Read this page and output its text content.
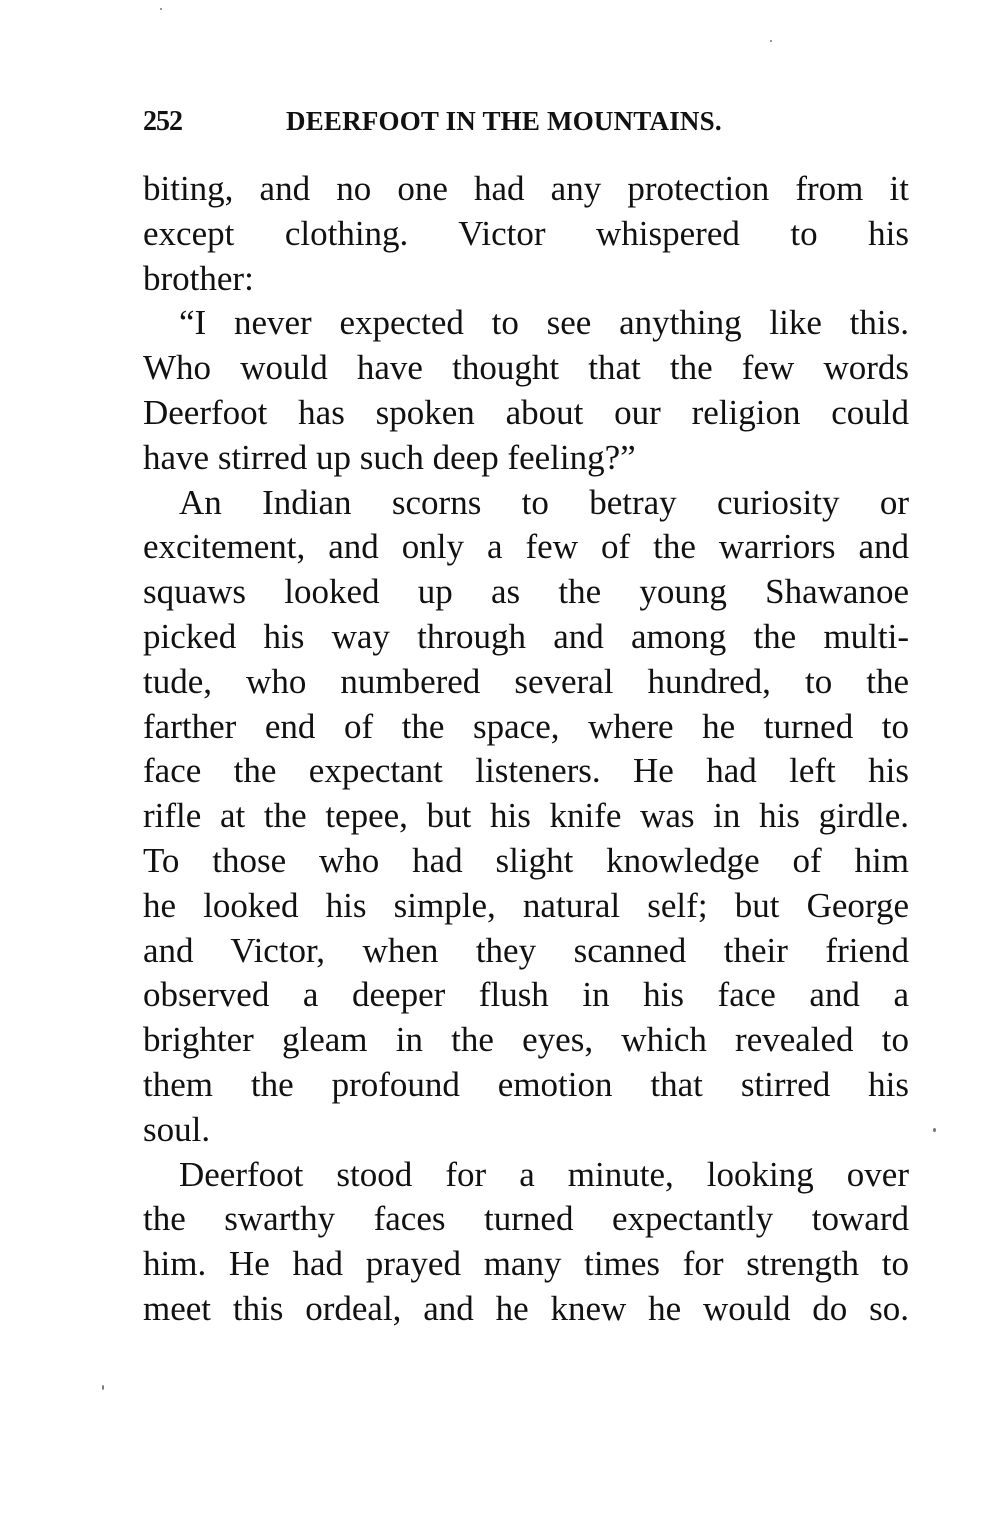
252	DEERFOOT IN THE MOUNTAINS.
biting, and no one had any protection from it
except clothing. Victor whispered to his
brother:
“I never expected to see anything like this.
Who would have thought that the few words
Deerfoot has spoken about our religion could
have stirred up such deep feeling?”
An Indian scorns to betray curiosity or
excitement, and only a few of the warriors and
squaws looked up as the young Shawanoe
picked his way through and among the multi-
tude, who numbered several hundred, to the
farther end of the space, where he turned to
face the expectant listeners. He had left his
rifle at the tepee, but his knife was in his girdle.
To those who had slight knowledge of him
he looked his simple, natural self; but George
and Victor, when they scanned their friend
observed a deeper flush in his face and a
brighter gleam in the eyes, which revealed to
them the profound emotion that stirred his
soul.
Deerfoot stood for a minute, looking over
the swarthy faces turned expectantly toward
him. He had prayed many times for strength to
meet this ordeal, and he knew he would do so.
